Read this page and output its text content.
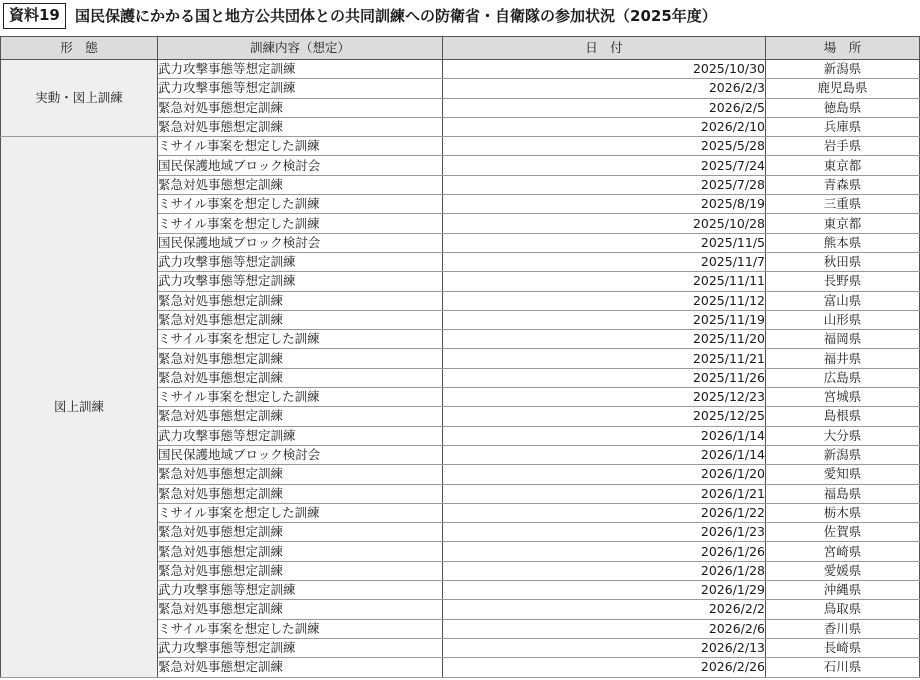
資料19	国民保護にかかる国と地方公共団体との共同訓練への防衛省・自衛隊の参加状況（2025年度）
形　態	訓練内容（想定）	日　付	場　所
実動・図上訓練	武力攻撃事態等想定訓練	2025/10/30	新潟県
	武力攻撃事態等想定訓練	2026/2/3	鹿児島県
	緊急対処事態想定訓練	2026/2/5	徳島県
	緊急対処事態想定訓練	2026/2/10	兵庫県
図上訓練	ミサイル事案を想定した訓練	2025/5/28	岩手県
	国民保護地域ブロック検討会	2025/7/24	東京都
	緊急対処事態想定訓練	2025/7/28	青森県
	ミサイル事案を想定した訓練	2025/8/19	三重県
	ミサイル事案を想定した訓練	2025/10/28	東京都
	国民保護地域ブロック検討会	2025/11/5	熊本県
	武力攻撃事態等想定訓練	2025/11/7	秋田県
	武力攻撃事態等想定訓練	2025/11/11	長野県
	緊急対処事態想定訓練	2025/11/12	富山県
	緊急対処事態想定訓練	2025/11/19	山形県
	ミサイル事案を想定した訓練	2025/11/20	福岡県
	緊急対処事態想定訓練	2025/11/21	福井県
	緊急対処事態想定訓練	2025/11/26	広島県
	ミサイル事案を想定した訓練	2025/12/23	宮城県
	緊急対処事態想定訓練	2025/12/25	島根県
	武力攻撃事態等想定訓練	2026/1/14	大分県
	国民保護地域ブロック検討会	2026/1/14	新潟県
	緊急対処事態想定訓練	2026/1/20	愛知県
	緊急対処事態想定訓練	2026/1/21	福島県
	ミサイル事案を想定した訓練	2026/1/22	栃木県
	緊急対処事態想定訓練	2026/1/23	佐賀県
	緊急対処事態想定訓練	2026/1/26	宮崎県
	緊急対処事態想定訓練	2026/1/28	愛媛県
	武力攻撃事態等想定訓練	2026/1/29	沖縄県
	緊急対処事態想定訓練	2026/2/2	鳥取県
	ミサイル事案を想定した訓練	2026/2/6	香川県
	武力攻撃事態等想定訓練	2026/2/13	長崎県
	緊急対処事態想定訓練	2026/2/26	石川県
